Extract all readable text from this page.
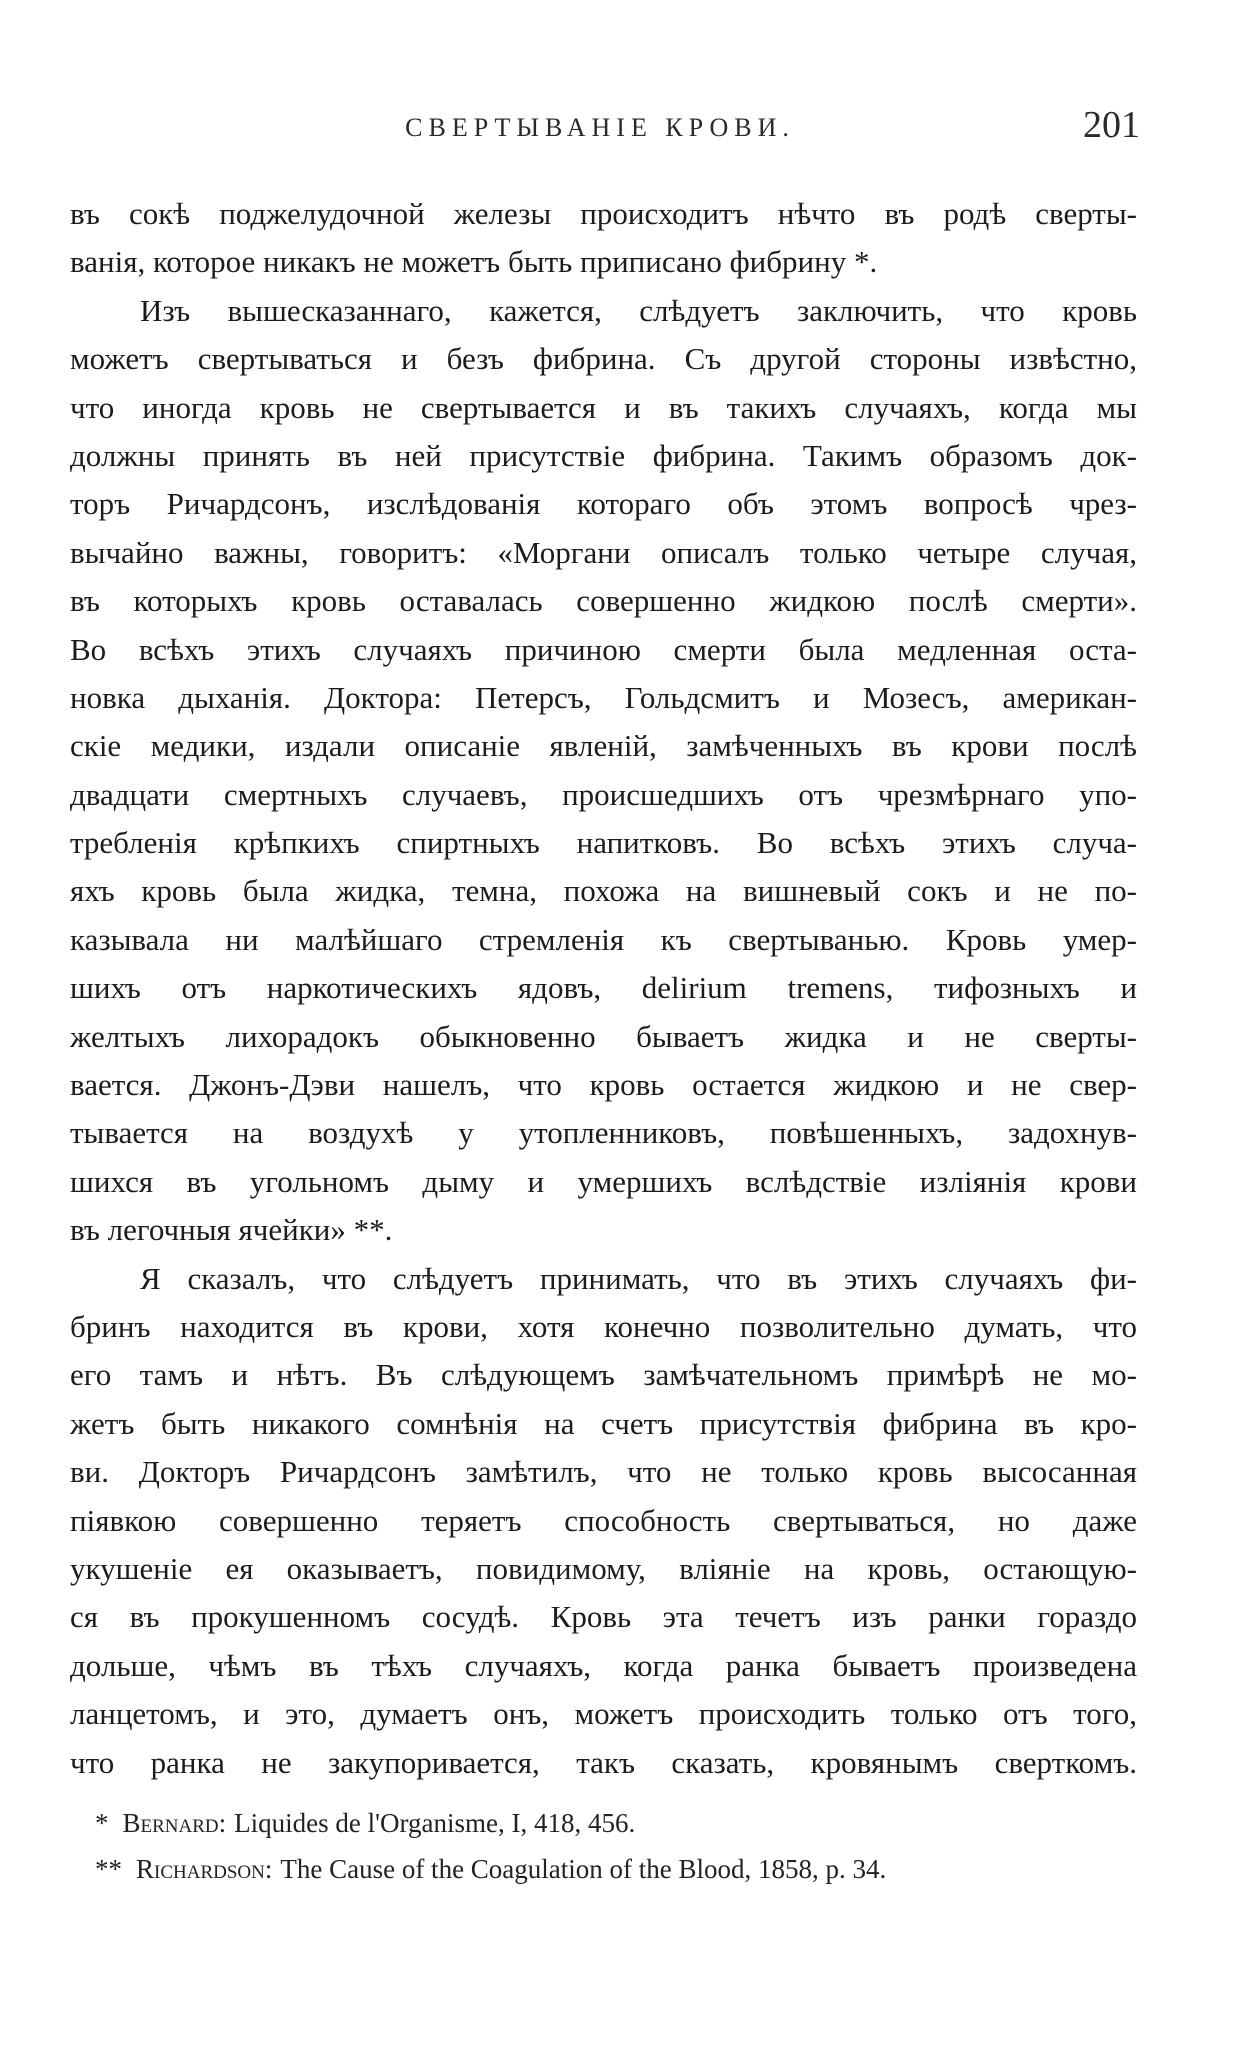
СВЕРТЫВАНІЕ КРОВИ.	201
въ сокѣ поджелудочной железы происходитъ нѣчто въ родѣ сверты-
ванія, которое никакъ не можетъ быть приписано фибрину *.
Изъ вышесказаннаго, кажется, слѣдуетъ заключить, что кровь
можетъ свертываться и безъ фибрина. Съ другой стороны извѣстно,
что иногда кровь не свертывается и въ такихъ случаяхъ, когда мы
должны принять въ ней присутствіе фибрина. Такимъ образомъ док-
торъ Ричардсонъ, изслѣдованія котораго объ этомъ вопросѣ чрез-
вычайно важны, говоритъ: «Моргани описалъ только четыре случая,
въ которыхъ кровь оставалась совершенно жидкою послѣ смерти».
Во всѣхъ этихъ случаяхъ причиною смерти была медленная оста-
новка дыханія. Доктора: Петерсъ, Гольдсмитъ и Мозесъ, американ-
скіе медики, издали описаніе явленій, замѣченныхъ въ крови послѣ
двадцати смертныхъ случаевъ, происшедшихъ отъ чрезмѣрнаго упо-
требленія крѣпкихъ спиртныхъ напитковъ. Во всѣхъ этихъ случа-
яхъ кровь была жидка, темна, похожа на вишневый сокъ и не по-
казывала ни малѣйшаго стремленія къ свертыванью. Кровь умер-
шихъ отъ наркотическихъ ядовъ, delirium tremens, тифозныхъ и
желтыхъ лихорадокъ обыкновенно бываетъ жидка и не сверты-
вается. Джонъ-Дэви нашелъ, что кровь остается жидкою и не свер-
тывается на воздухѣ у утопленниковъ, повѣшенныхъ, задохнув-
шихся въ угольномъ дыму и умершихъ вслѣдствіе изліянія крови
въ легочныя ячейки» **.
Я сказалъ, что слѣдуетъ принимать, что въ этихъ случаяхъ фи-
бринъ находится въ крови, хотя конечно позволительно думать, что
его тамъ и нѣтъ. Въ слѣдующемъ замѣчательномъ примѣрѣ не мо-
жетъ быть никакого сомнѣнія на счетъ присутствія фибрина въ кро-
ви. Докторъ Ричардсонъ замѣтилъ, что не только кровь высосанная
піявкою совершенно теряетъ способность свертываться, но даже
укушеніе ея оказываетъ, повидимому, вліяніе на кровь, остающую-
ся въ прокушенномъ сосудѣ. Кровь эта течетъ изъ ранки гораздо
дольше, чѣмъ въ тѣхъ случаяхъ, когда ранка бываетъ произведена
ланцетомъ, и это, думаетъ онъ, можетъ происходить только отъ того,
что ранка не закупоривается, такъ сказать, кровянымъ сверткомъ.
* Bernard: Liquides de l'Organisme, I, 418, 456.
** Richardson: The Cause of the Coagulation of the Blood, 1858, p. 34.
